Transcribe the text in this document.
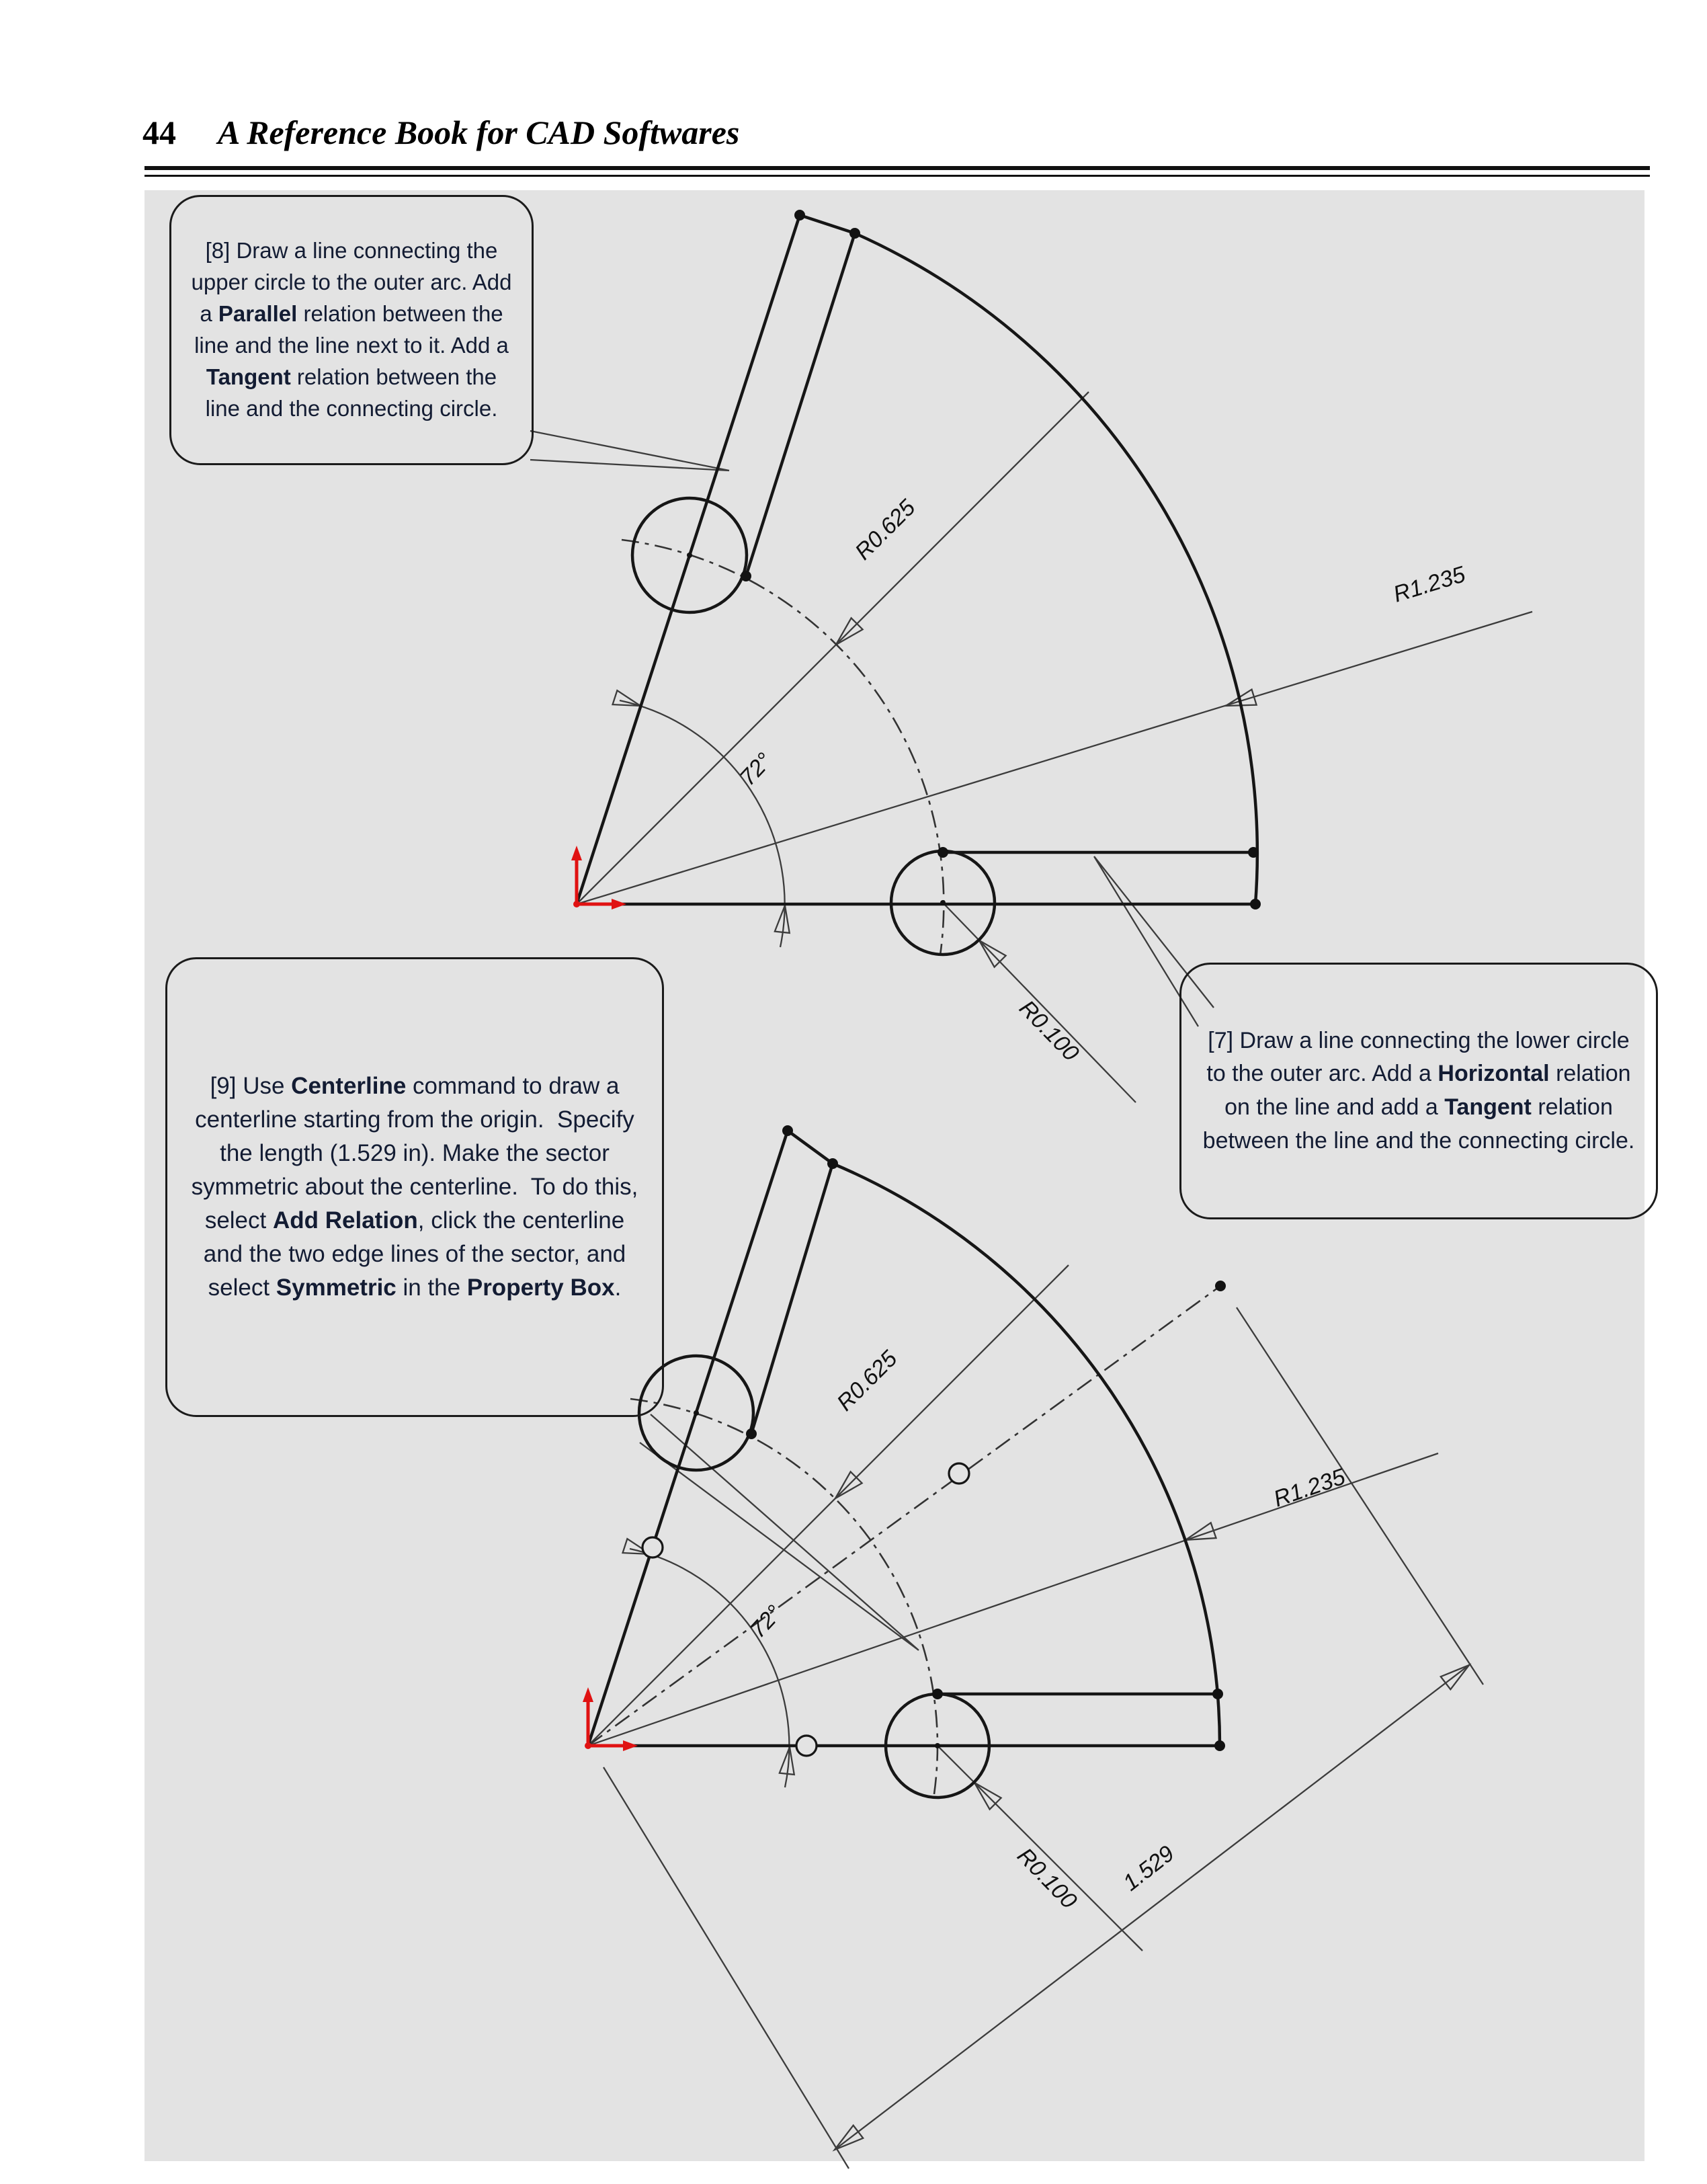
44 A Reference Book for CAD Softwares
R0.625
R1.235
72°
R0.100
R0.625
R1.235
72°
R0.100 1.529
[8] Draw a line connecting the upper circle to the outer arc. Add a Parallel relation between the line and the line next to it. Add a Tangent relation between the line and the connecting circle.
[9] Use Centerline command to draw a centerline starting from the origin.  Specify the length (1.529 in). Make the sector symmetric about the centerline.  To do this, select Add Relation, click the centerline and the two edge lines of the sector, and select Symmetric in the Property Box.
[7] Draw a line connecting the lower circle to the outer arc. Add a Horizontal relation on the line and add a Tangent relation between the line and the connecting circle.
